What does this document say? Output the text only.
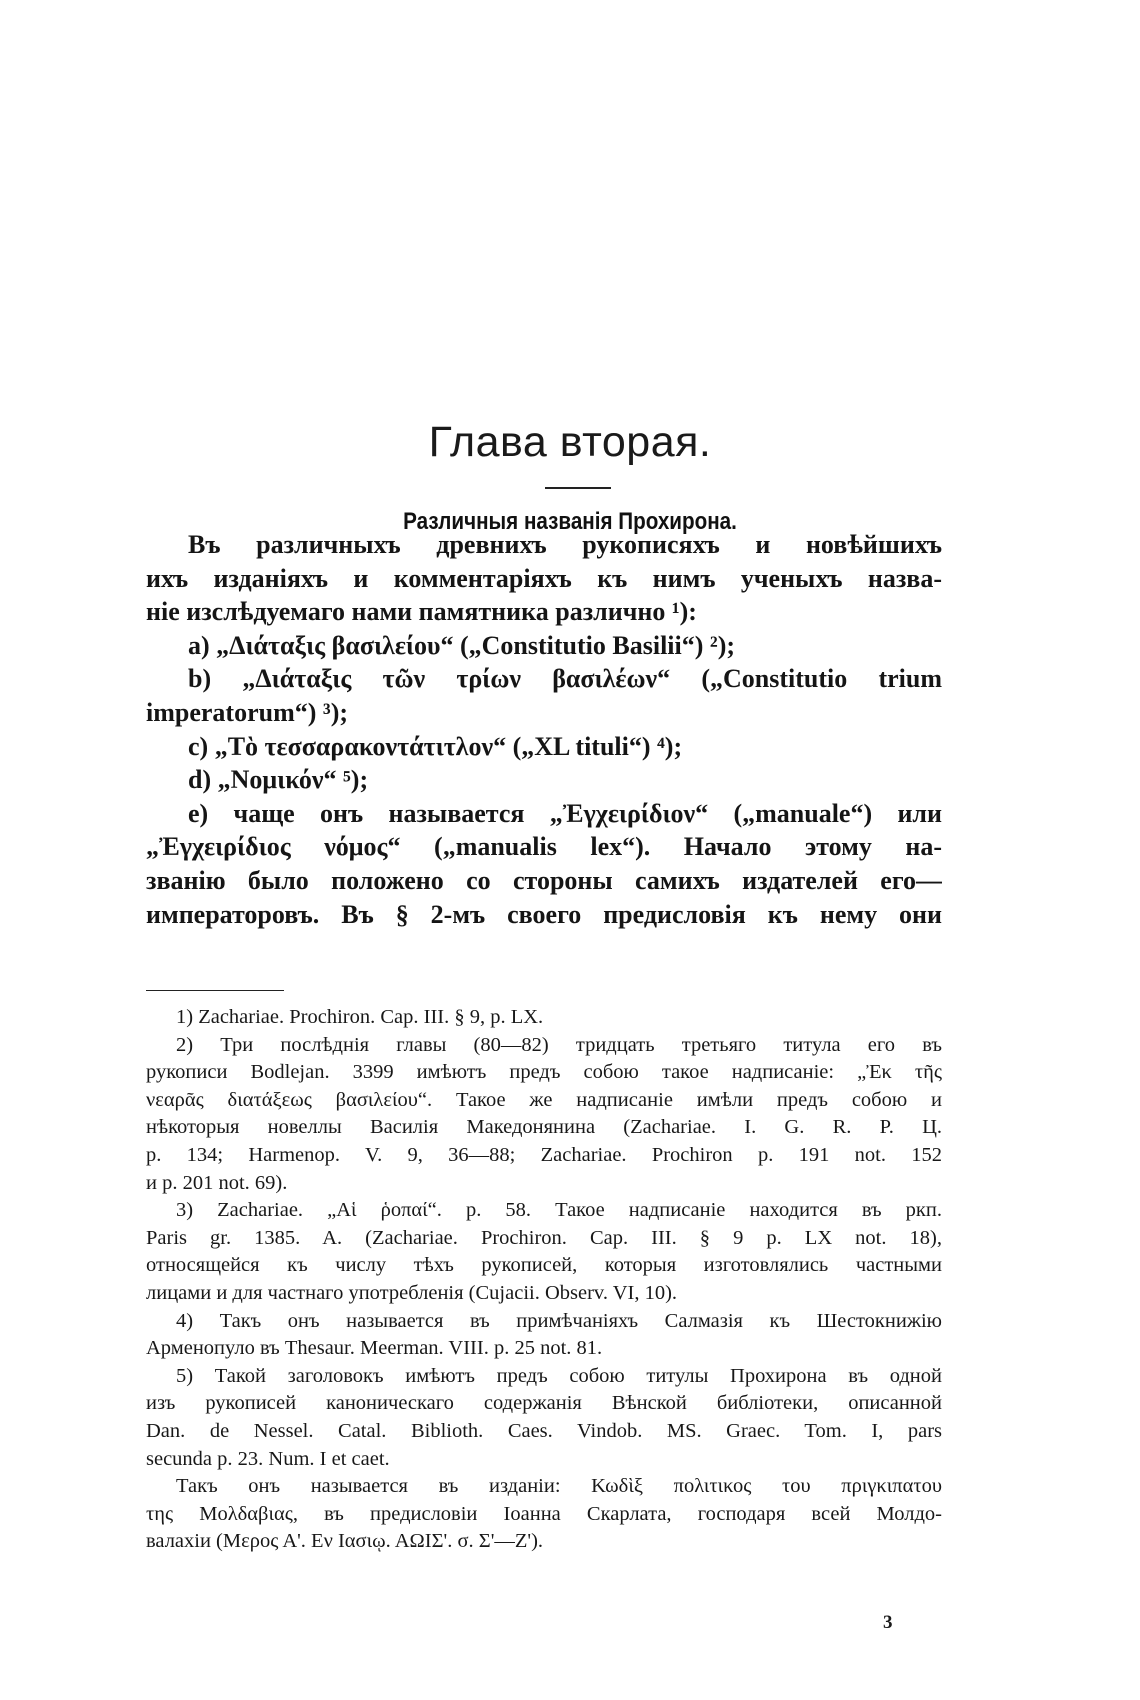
Глава вторая.
Различныя названія Прохирона.
Въ различныхъ древнихъ рукописяхъ и новѣйшихъ
ихъ изданіяхъ и комментаріяхъ къ нимъ ученыхъ назва-
ніе изслѣдуемаго нами памятника различно ¹):
a) „Διάταξις βασιλείου“ („Constitutio Basilii“) ²);
b) „Διάταξις τῶν τρίων βασιλέων“ („Constitutio trium
imperatorum“) ³);
c) „Τὸ τεσσαρακοντάτιτλον“ („XL tituli“) ⁴);
d) „Νομικόν“ ⁵);
e) чаще онъ называется „Ἐγχειρίδιον“ („manuale“) или
„Ἐγχειρίδιος νόμος“ („manualis lex“). Начало этому на-
званію было положено со стороны самихъ издателей его—
императоровъ. Въ § 2-мъ своего предисловія къ нему они
1) Zachariae. Prochiron. Cap. III. § 9, p. LX.
2) Три послѣднія главы (80—82) тридцать третьяго титула его въ
рукописи Bodlejan. 3399 имѣютъ предъ собою такое надписаніе: „Ἐκ τῆς
νεαρᾶς διατάξεως βασιλείου“. Такое же надписаніе имѣли предъ собою и
нѣкоторыя новеллы Василія Македонянина (Zachariae. I. G. R. P. Ц.
p. 134; Harmenop. V. 9, 36—88; Zachariae. Prochiron p. 191 not. 152
и p. 201 not. 69).
3) Zachariae. „Αἱ ῥοπαί“. p. 58. Такое надписаніе находится въ ркп.
Paris gr. 1385. A. (Zachariae. Prochiron. Cap. III. § 9 p. LX not. 18),
относящейся къ числу тѣхъ рукописей, которыя изготовлялись частными
лицами и для частнаго употребленія (Cujacii. Observ. VI, 10).
4) Такъ онъ называется въ примѣчаніяхъ Салмазія къ Шестокнижію
Арменопуло въ Thesaur. Meerman. VIII. p. 25 not. 81.
5) Такой заголовокъ имѣютъ предъ собою титулы Прохирона въ одной
изъ рукописей каноническаго содержанія Вѣнской библіотеки, описанной
Dan. de Nessel. Catal. Biblioth. Caes. Vindob. MS. Graec. Tom. I, pars
secunda p. 23. Num. I et caet.
Такъ онъ называется въ изданіи: Κωδὶξ πολιτικος του πριγκιπατου
της Μολδαβιας, въ предисловіи Іоанна Скарлата, господаря всей Молдо-
валахіи (Μερος Α'. Εν Ιασιῳ. ΑΩΙΣ'. σ. Σ'—Ζ').
3
